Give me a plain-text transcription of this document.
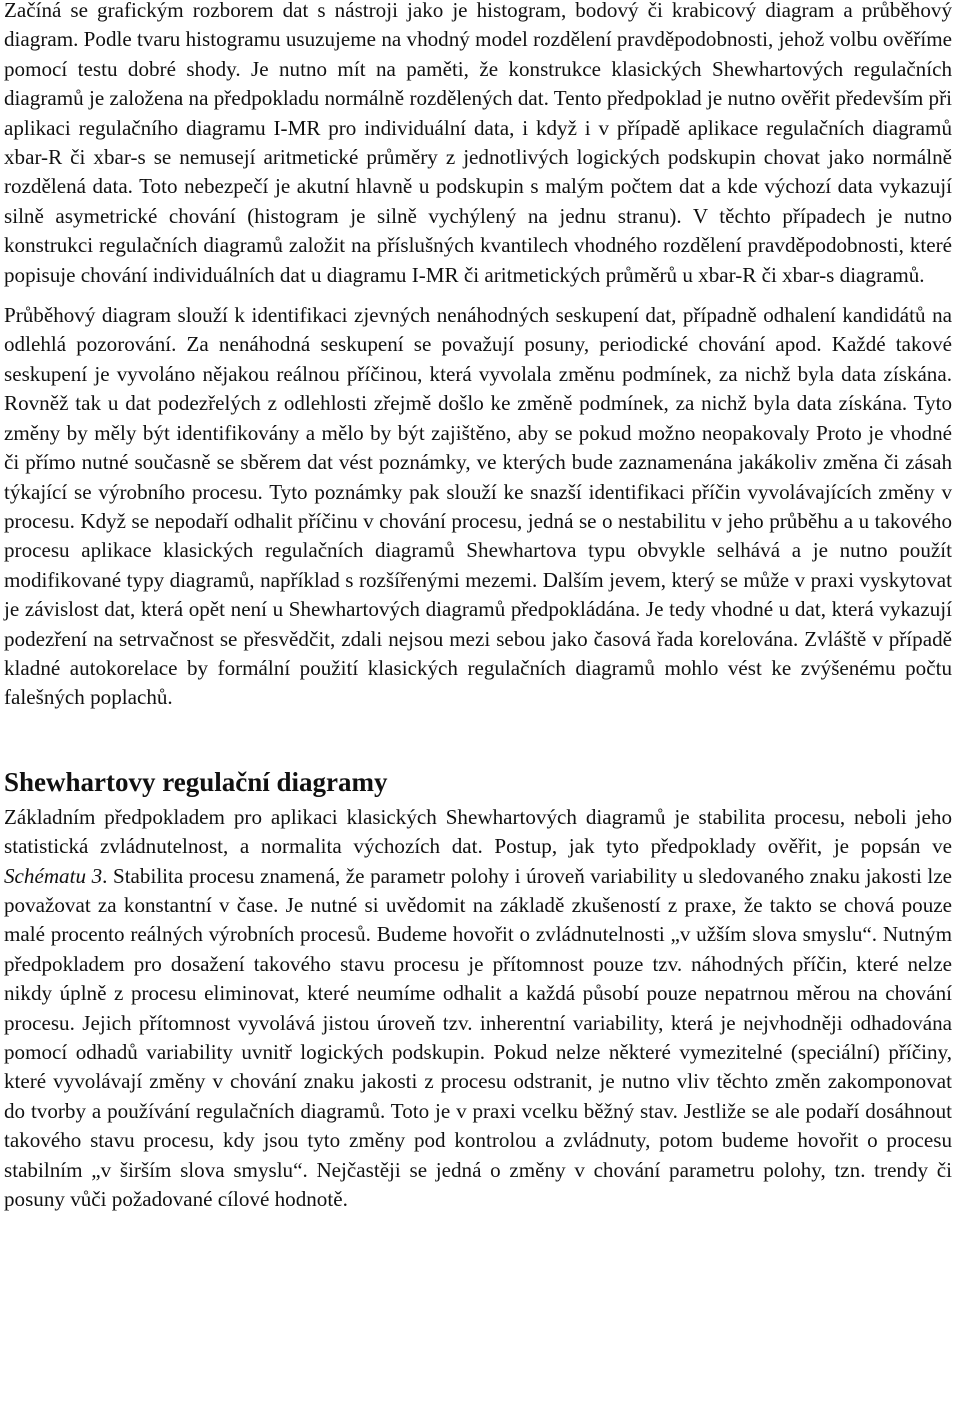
Začíná se grafickým rozborem dat s nástroji jako je histogram, bodový či krabicový diagram a průběhový diagram. Podle tvaru histogramu usuzujeme na vhodný model rozdělení pravděpodobnosti, jehož volbu ověříme pomocí testu dobré shody. Je nutno mít na paměti, že konstrukce klasických Shewhartových regulačních diagramů je založena na předpokladu normálně rozdělených dat. Tento předpoklad je nutno ověřit především při aplikaci regulačního diagramu I-MR pro individuální data, i když i v případě aplikace regulačních diagramů xbar-R či xbar-s se nemusejí aritmetické průměry z jednotlivých logických podskupin chovat jako normálně rozdělená data. Toto nebezpečí je akutní hlavně u podskupin s malým počtem dat a kde výchozí data vykazují silně asymetrické chování (histogram je silně vychýlený na jednu stranu). V těchto případech je nutno konstrukci regulačních diagramů založit na příslušných kvantilech vhodného rozdělení pravděpodobnosti, které popisuje chování individuálních dat u diagramu I-MR či aritmetických průměrů u xbar-R či xbar-s diagramů.

Průběhový diagram slouží k identifikaci zjevných nenáhodných seskupení dat, případně odhalení kandidátů na odlehlá pozorování. Za nenáhodná seskupení se považují posuny, periodické chování apod. Každé takové seskupení je vyvoláno nějakou reálnou příčinou, která vyvolala změnu podmínek, za nichž byla data získána. Rovněž tak u dat podezřelých z odlehlosti zřejmě došlo ke změně podmínek, za nichž byla data získána. Tyto změny by měly být identifikovány a mělo by být zajištěno, aby se pokud možno neopakovaly Proto je vhodné či přímo nutné současně se sběrem dat vést poznámky, ve kterých bude zaznamenána jakákoliv změna či zásah týkající se výrobního procesu. Tyto poznámky pak slouží ke snazší identifikaci příčin vyvolávajících změny v procesu. Když se nepodaří odhalit příčinu v chování procesu, jedná se o nestabilitu v jeho průběhu a u takového procesu aplikace klasických regulačních diagramů Shewhartova typu obvykle selhává a je nutno použít modifikované typy diagramů, například s rozšířenými mezemi. Dalším jevem, který se může v praxi vyskytovat je závislost dat, která opět není u Shewhartových diagramů předpokládána. Je tedy vhodné u dat, která vykazují podezření na setrvačnost se přesvědčit, zdali nejsou mezi sebou jako časová řada korelována. Zvláště v případě kladné autokorelace by formální použití klasických regulačních diagramů mohlo vést ke zvýšenému počtu falešných poplachů.

Shewhartovy regulační diagramy

Základním předpokladem pro aplikaci klasických Shewhartových diagramů je stabilita procesu, neboli jeho statistická zvládnutelnost, a normalita výchozích dat. Postup, jak tyto předpoklady ověřit, je popsán ve Schématu 3. Stabilita procesu znamená, že parametr polohy i úroveň variability u sledovaného znaku jakosti lze považovat za konstantní v čase. Je nutné si uvědomit na základě zkušeností z praxe, že takto se chová pouze malé procento reálných výrobních procesů. Budeme hovořit o zvládnutelnosti „v užším slova smyslu“. Nutným předpokladem pro dosažení takového stavu procesu je přítomnost pouze tzv. náhodných příčin, které nelze nikdy úplně z procesu eliminovat, které neumíme odhalit a každá působí pouze nepatrnou měrou na chování procesu. Jejich přítomnost vyvolává jistou úroveň tzv. inherentní variability, která je nejvhodněji odhadována pomocí odhadů variability uvnitř logických podskupin. Pokud nelze některé vymezitelné (speciální) příčiny, které vyvolávají změny v chování znaku jakosti z procesu odstranit, je nutno vliv těchto změn zakomponovat do tvorby a používání regulačních diagramů. Toto je v praxi vcelku běžný stav. Jestliže se ale podaří dosáhnout takového stavu procesu, kdy jsou tyto změny pod kontrolou a zvládnuty, potom budeme hovořit o procesu stabilním „v širším slova smyslu“. Nejčastěji se jedná o změny v chování parametru polohy, tzn. trendy či posuny vůči požadované cílové hodnotě.
